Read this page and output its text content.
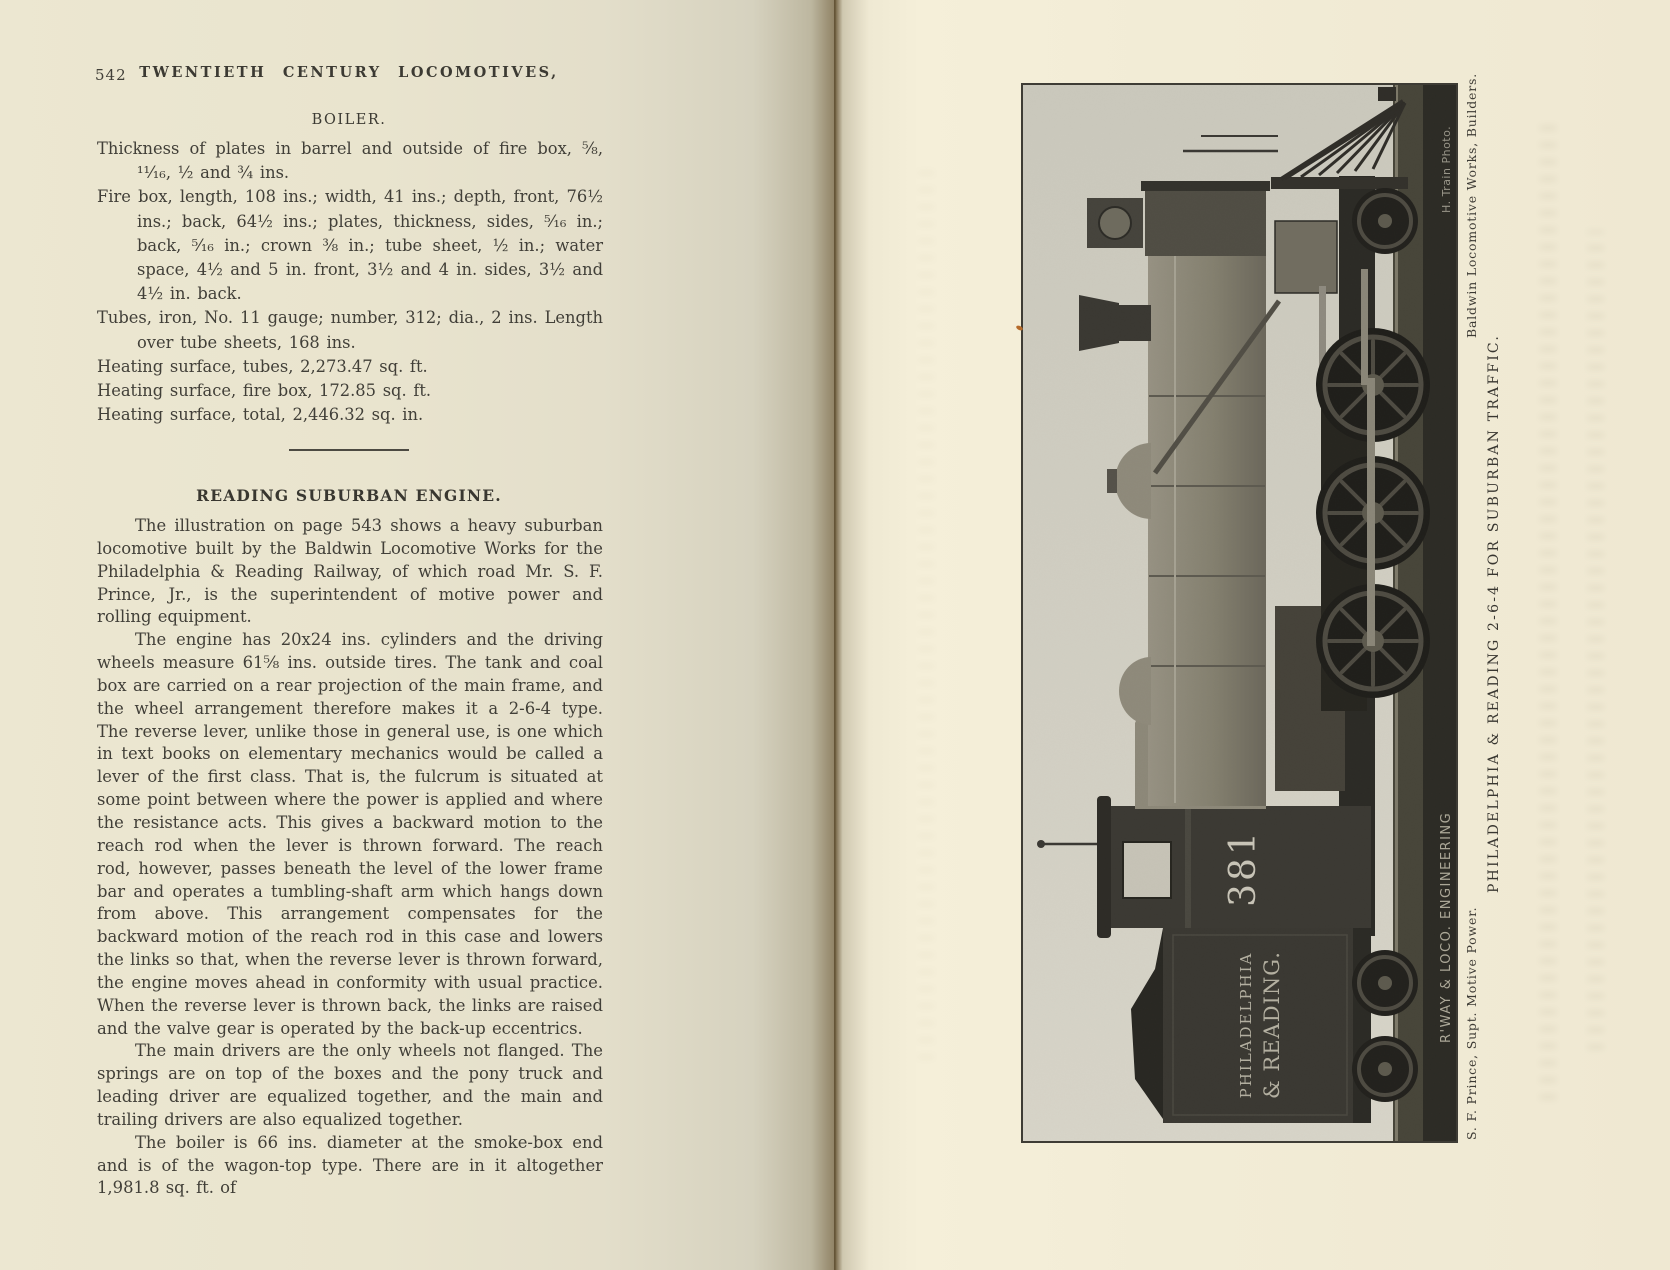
542 TWENTIETH CENTURY LOCOMOTIVES,
BOILER.
Thickness of plates in barrel and outside of fire box, ⅝, ¹¹⁄₁₆, ½ and ¾ ins.
Fire box, length, 108 ins.; width, 41 ins.; depth, front, 76½ ins.; back, 64½ ins.; plates, thickness, sides, ⁵⁄₁₆ in.; back, ⁵⁄₁₆ in.; crown ⅜ in.; tube sheet, ½ in.; water space, 4½ and 5 in. front, 3½ and 4 in. sides, 3½ and 4½ in. back.
Tubes, iron, No. 11 gauge; number, 312; dia., 2 ins. Length over tube sheets, 168 ins.
Heating surface, tubes, 2,273.47 sq. ft.
Heating surface, fire box, 172.85 sq. ft.
Heating surface, total, 2,446.32 sq. in.
READING SUBURBAN ENGINE.

The illustration on page 543 shows a heavy suburban locomotive built by the Baldwin Locomotive Works for the Philadelphia & Reading Railway, of which road Mr. S. F. Prince, Jr., is the superintendent of motive power and rolling equipment.

The engine has 20x24 ins. cylinders and the driving wheels measure 61⅝ ins. outside tires. The tank and coal box are carried on a rear projection of the main frame, and the wheel arrangement therefore makes it a 2-6-4 type. The reverse lever, unlike those in general use, is one which in text books on elementary mechanics would be called a lever of the first class. That is, the fulcrum is situated at some point between where the power is applied and where the resistance acts. This gives a backward motion to the reach rod when the lever is thrown forward. The reach rod, however, passes beneath the level of the lower frame bar and operates a tumbling-shaft arm which hangs down from above. This arrangement compensates for the backward motion of the reach rod in this case and lowers the links so that, when the reverse lever is thrown forward, the engine moves ahead in conformity with usual practice. When the reverse lever is thrown back, the links are raised and the valve gear is operated by the back-up eccentrics.

The main drivers are the only wheels not flanged. The springs are on top of the boxes and the pony truck and leading driver are equalized together, and the main and trailing drivers are also equalized together.

The boiler is 66 ins. diameter at the smoke-box end and is of the wagon-top type. There are in it altogether 1,981.8 sq. ft. of

PHILADELPHIA & READING.
381	R'WAY & LOCO. ENGINEERING
H. Train Photo. Baldwin Locomotive Works, Builders.
PHILADELPHIA & READING 2-6-4 FOR SUBURBAN TRAFFIC.
S. F. Prince, Supt. Motive Power.
